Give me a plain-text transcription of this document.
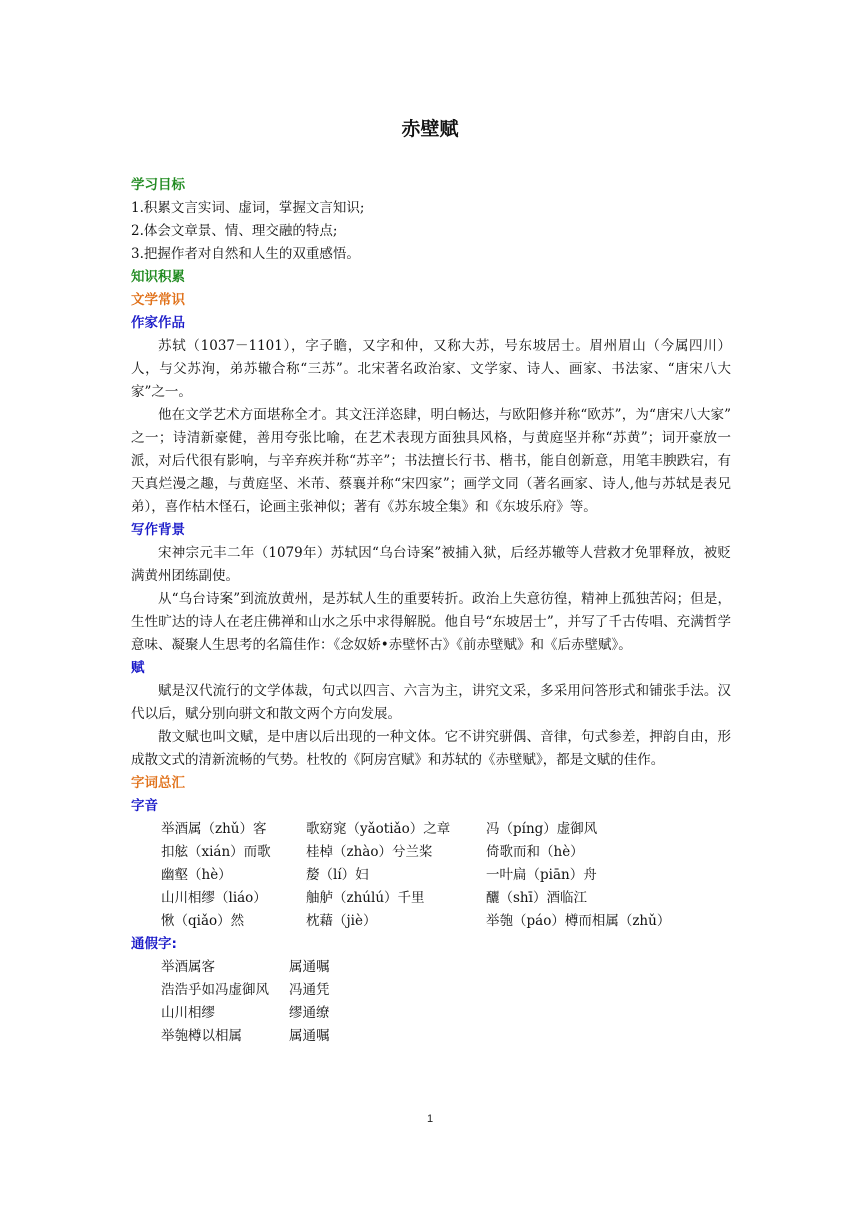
赤壁赋
学习目标
1.积累文言实词、虚词，掌握文言知识;
2.体会文章景、情、理交融的特点;
3.把握作者对自然和人生的双重感悟。
知识积累
文学常识
作家作品

苏轼（1037－1101），字子瞻，又字和仲，又称大苏，号东坡居士。眉州眉山（今属四川）人，与父苏洵，弟苏辙合称“三苏”。北宋著名政治家、文学家、诗人、画家、书法家、“唐宋八大家”之一。

他在文学艺术方面堪称全才。其文汪洋恣肆，明白畅达，与欧阳修并称“欧苏”，为“唐宋八大家” 之一；诗清新豪健，善用夸张比喻，在艺术表现方面独具风格，与黄庭坚并称“苏黄”；词开豪放一派，对后代很有影响，与辛弃疾并称“苏辛”；书法擅长行书、楷书，能自创新意，用笔丰腴跌宕，有天真烂漫之趣，与黄庭坚、米芾、蔡襄并称“宋四家”；画学文同（著名画家、诗人,他与苏轼是表兄弟），喜作枯木怪石，论画主张神似；著有《苏东坡全集》和《东坡乐府》等。

写作背景

宋神宗元丰二年（1079年）苏轼因“乌台诗案”被捕入狱，后经苏辙等人营救才免罪释放，被贬满黄州团练副使。

从“乌台诗案”到流放黄州，是苏轼人生的重要转折。政治上失意彷徨，精神上孤独苦闷；但是，生性旷达的诗人在老庄佛禅和山水之乐中求得解脱。他自号“东坡居士”，并写了千古传唱、充满哲学意味、凝聚人生思考的名篇佳作：《念奴娇•赤壁怀古》《前赤壁赋》和《后赤壁赋》。

赋

赋是汉代流行的文学体裁，句式以四言、六言为主，讲究文采，多采用问答形式和铺张手法。汉代以后，赋分别向骈文和散文两个方向发展。

散文赋也叫文赋，是中唐以后出现的一种文体。它不讲究骈偶、音律，句式参差，押韵自由，形成散文式的清新流畅的气势。杜牧的《阿房宫赋》和苏轼的《赤壁赋》，都是文赋的佳作。

字词总汇
字音
举酒属（zhǔ）客	歌窈窕（yǎotiǎo）之章	冯（píng）虚御风
扣舷（xián）而歌	桂棹（zhào）兮兰桨	倚歌而和（hè）
幽壑（hè）	嫠（lí）妇	一叶扁（piān）舟
山川相缪（liáo）	舳舻（zhúlú）千里	釃（shī）酒临江
愀（qiǎo）然	枕藉（jiè）	举匏（páo）樽而相属（zhǔ）
通假字:
举酒属客	属通嘱
浩浩乎如冯虚御风	冯通凭
山川相缪	缪通缭
举匏樽以相属	属通嘱
1
